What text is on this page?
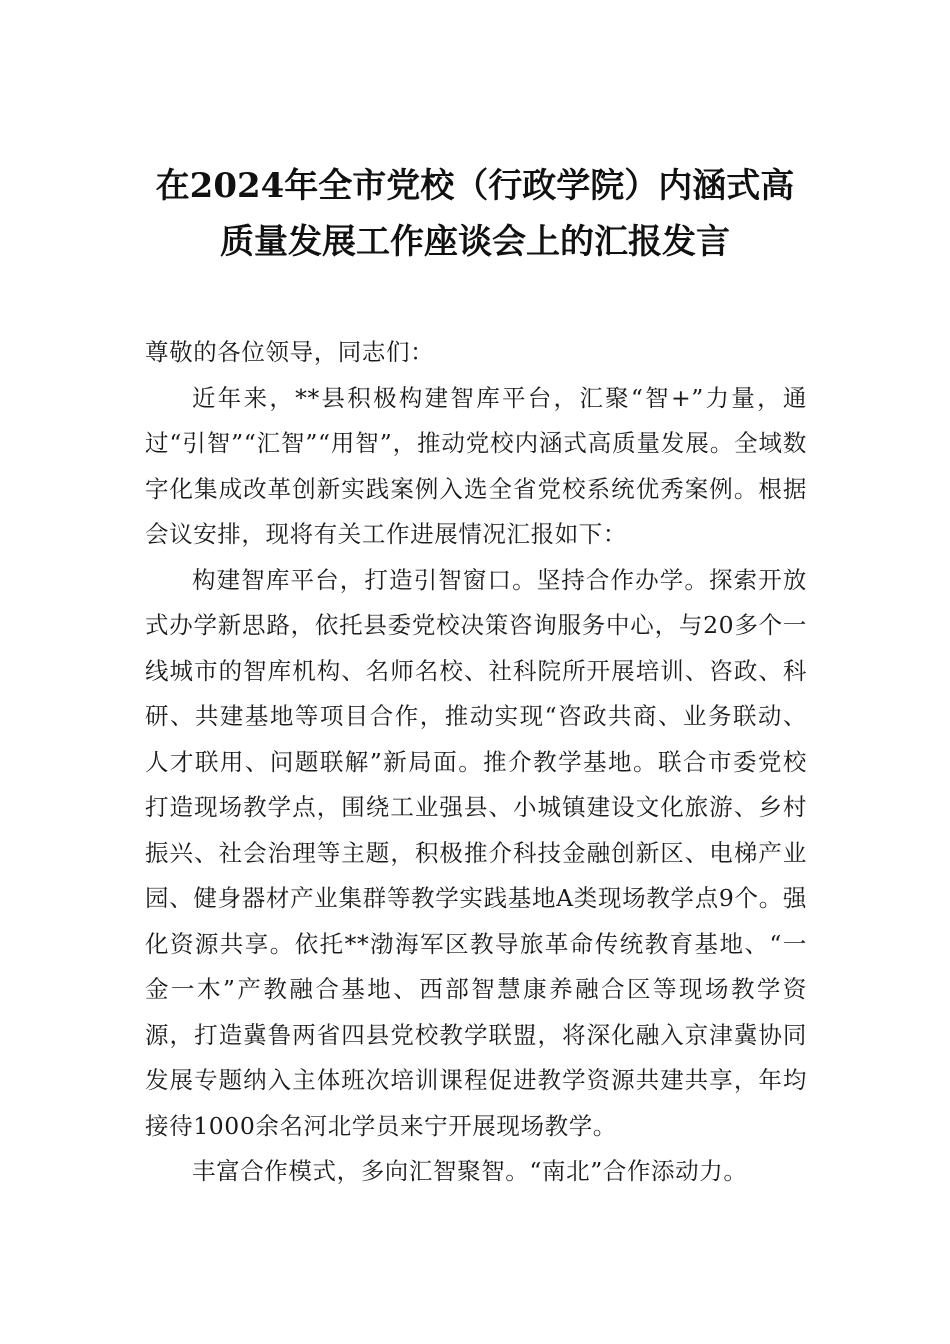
在2024年全市党校（行政学院）内涵式高
质量发展工作座谈会上的汇报发言

尊敬的各位领导，同志们：

近年来，**县积极构建智库平台，汇聚“智+”力量，通过“引智”“汇智”“用智”，推动党校内涵式高质量发展。全域数字化集成改革创新实践案例入选全省党校系统优秀案例。根据会议安排，现将有关工作进展情况汇报如下：

构建智库平台，打造引智窗口。坚持合作办学。探索开放式办学新思路，依托县委党校决策咨询服务中心，与20多个一线城市的智库机构、名师名校、社科院所开展培训、咨政、科研、共建基地等项目合作，推动实现“咨政共商、业务联动、人才联用、问题联解”新局面。推介教学基地。联合市委党校打造现场教学点，围绕工业强县、小城镇建设文化旅游、乡村振兴、社会治理等主题，积极推介科技金融创新区、电梯产业园、健身器材产业集群等教学实践基地A类现场教学点9个。强化资源共享。依托**渤海军区教导旅革命传统教育基地、“一金一木”产教融合基地、西部智慧康养融合区等现场教学资源，打造冀鲁两省四县党校教学联盟，将深化融入京津冀协同发展专题纳入主体班次培训课程促进教学资源共建共享，年均接待1000余名河北学员来宁开展现场教学。

丰富合作模式，多向汇智聚智。“南北”合作添动力。
